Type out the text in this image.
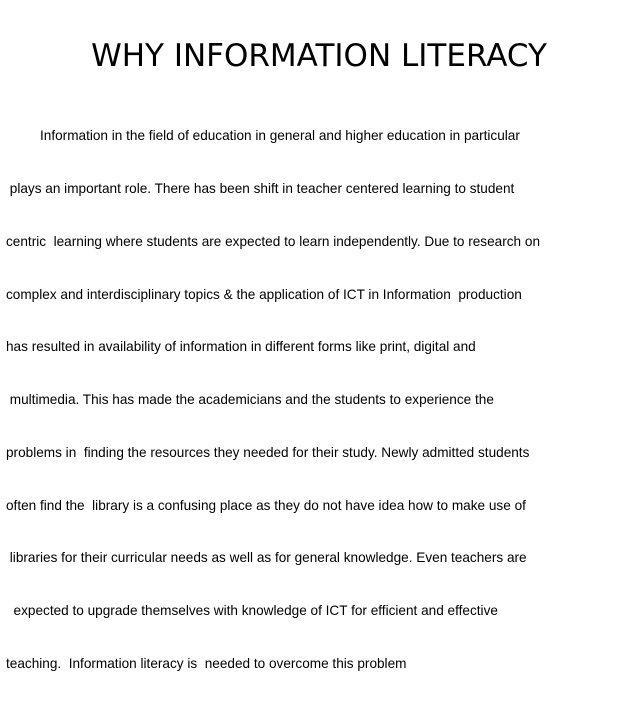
WHY INFORMATION LITERACY

Information in the field of education in general and higher education in particular

plays an important role. There has been shift in teacher centered learning to student

centric  learning where students are expected to learn independently. Due to research on

complex and interdisciplinary topics & the application of ICT in Information  production

has resulted in availability of information in different forms like print, digital and

multimedia. This has made the academicians and the students to experience the

problems in  finding the resources they needed for their study. Newly admitted students

often find the  library is a confusing place as they do not have idea how to make use of

libraries for their curricular needs as well as for general knowledge. Even teachers are

expected to upgrade themselves with knowledge of ICT for efficient and effective

teaching.  Information literacy is  needed to overcome this problem
